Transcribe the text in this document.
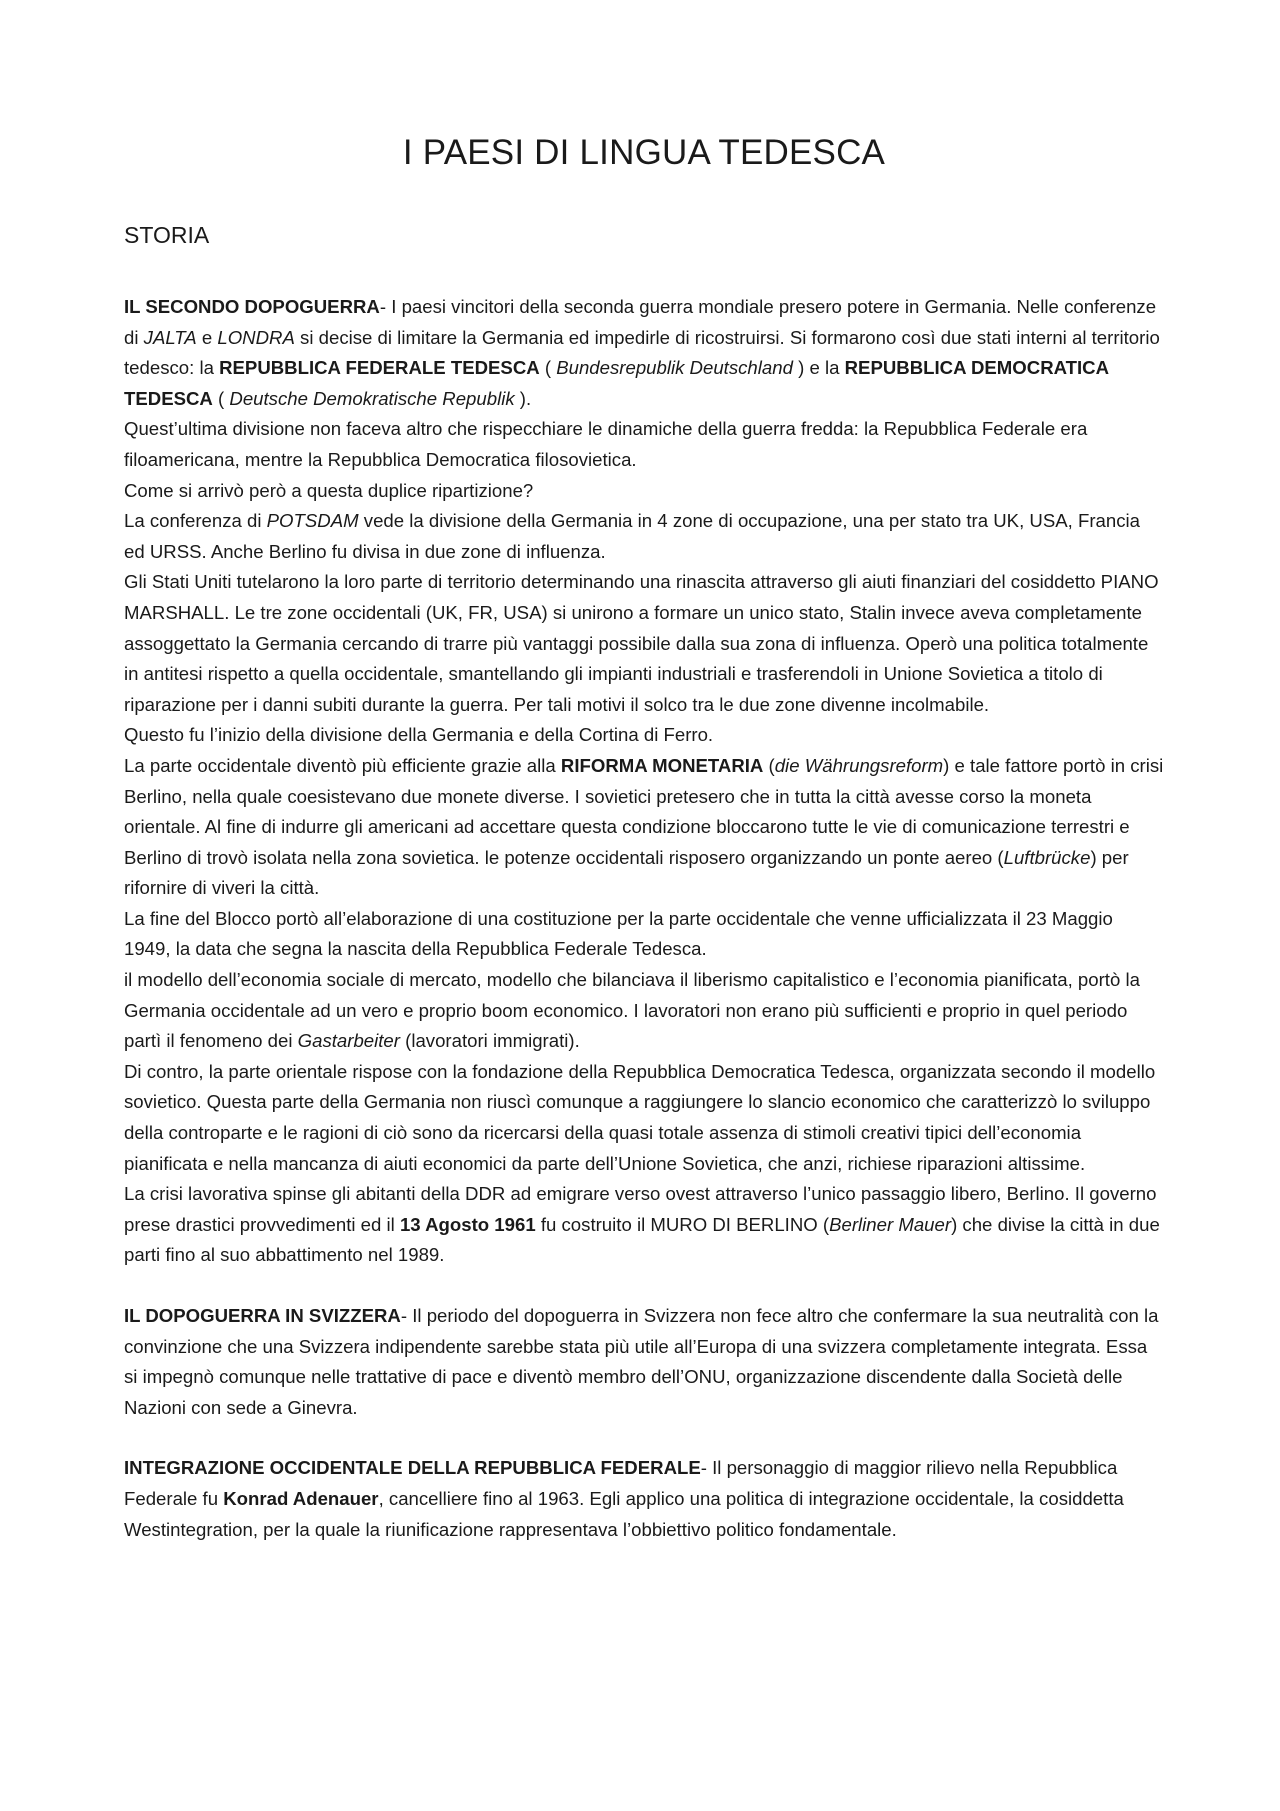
I PAESI DI LINGUA TEDESCA
STORIA

IL SECONDO DOPOGUERRA- I paesi vincitori della seconda guerra mondiale presero potere in Germania. Nelle conferenze di JALTA e LONDRA si decise di limitare la Germania ed impedirle di ricostruirsi. Si formarono così due stati interni al territorio tedesco: la REPUBBLICA FEDERALE TEDESCA ( Bundesrepublik Deutschland ) e la REPUBBLICA DEMOCRATICA TEDESCA ( Deutsche Demokratische Republik ).

Quest’ultima divisione non faceva altro che rispecchiare le dinamiche della guerra fredda: la Repubblica Federale era filoamericana, mentre la Repubblica Democratica filosovietica.

Come si arrivò però a questa duplice ripartizione?

La conferenza di POTSDAM vede la divisione della Germania in 4 zone di occupazione, una per stato tra UK, USA, Francia ed URSS. Anche Berlino fu divisa in due zone di influenza.

Gli Stati Uniti tutelarono la loro parte di territorio determinando una rinascita attraverso gli aiuti finanziari del cosiddetto PIANO MARSHALL. Le tre zone occidentali (UK, FR, USA) si unirono a formare un unico stato, Stalin invece aveva completamente assoggettato la Germania cercando di trarre più vantaggi possibile dalla sua zona di influenza. Operò una politica totalmente in antitesi rispetto a quella occidentale, smantellando gli impianti industriali e trasferendoli in Unione Sovietica a titolo di riparazione per i danni subiti durante la guerra. Per tali motivi il solco tra le due zone divenne incolmabile.

Questo fu l’inizio della divisione della Germania e della Cortina di Ferro.

La parte occidentale diventò più efficiente grazie alla RIFORMA MONETARIA (die Währungsreform) e tale fattore portò in crisi Berlino, nella quale coesistevano due monete diverse. I sovietici pretesero che in tutta la città avesse corso la moneta orientale. Al fine di indurre gli americani ad accettare questa condizione bloccarono tutte le vie di comunicazione terrestri e Berlino di trovò isolata nella zona sovietica. le potenze occidentali risposero organizzando un ponte aereo (Luftbrücke) per rifornire di viveri la città.

La fine del Blocco portò all’elaborazione di una costituzione per la parte occidentale che venne ufficializzata il 23 Maggio 1949, la data che segna la nascita della Repubblica Federale Tedesca.

il modello dell’economia sociale di mercato, modello che bilanciava il liberismo capitalistico e l’economia pianificata, portò la Germania occidentale ad un vero e proprio boom economico. I lavoratori non erano più sufficienti e proprio in quel periodo partì il fenomeno dei Gastarbeiter (lavoratori immigrati).

Di contro, la parte orientale rispose con la fondazione della Repubblica Democratica Tedesca, organizzata secondo il modello sovietico. Questa parte della Germania non riuscì comunque a raggiungere lo slancio economico che caratterizzò lo sviluppo della controparte e le ragioni di ciò sono da ricercarsi della quasi totale assenza di stimoli creativi tipici dell’economia pianificata e nella mancanza di aiuti economici da parte dell’Unione Sovietica, che anzi, richiese riparazioni altissime.

La crisi lavorativa spinse gli abitanti della DDR ad emigrare verso ovest attraverso l’unico passaggio libero, Berlino. Il governo prese drastici provvedimenti ed il 13 Agosto 1961 fu costruito il MURO DI BERLINO (Berliner Mauer) che divise la città in due parti fino al suo abbattimento nel 1989.

IL DOPOGUERRA IN SVIZZERA- Il periodo del dopoguerra in Svizzera non fece altro che confermare la sua neutralità con la convinzione che una Svizzera indipendente sarebbe stata più utile all’Europa di una svizzera completamente integrata. Essa si impegnò comunque nelle trattative di pace e diventò membro dell’ONU, organizzazione discendente dalla Società delle Nazioni con sede a Ginevra.

INTEGRAZIONE OCCIDENTALE DELLA REPUBBLICA FEDERALE- Il personaggio di maggior rilievo nella Repubblica Federale fu Konrad Adenauer, cancelliere fino al 1963. Egli applico una politica di integrazione occidentale, la cosiddetta Westintegration, per la quale la riunificazione rappresentava l’obbiettivo politico fondamentale.
